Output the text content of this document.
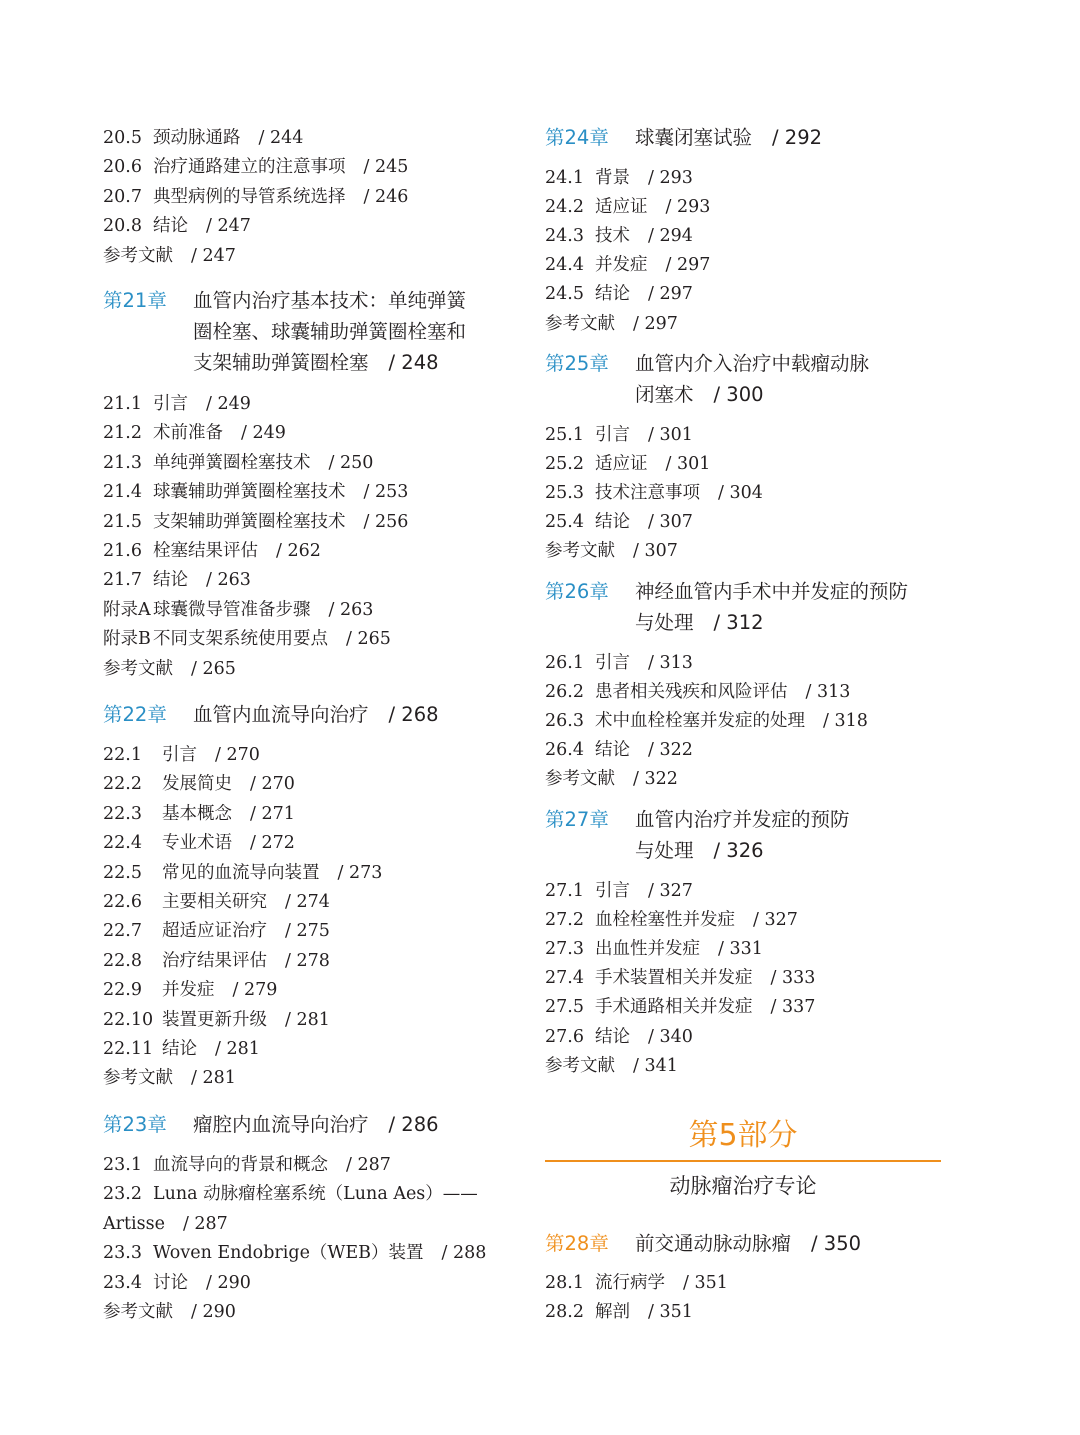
20.5 颈动脉通路 / 244
20.6 治疗通路建立的注意事项 / 245
20.7 典型病例的导管系统选择 / 246
20.8 结论 / 247
参考文献 / 247
第21章 血管内治疗基本技术：单纯弹簧
圈栓塞、球囊辅助弹簧圈栓塞和
支架辅助弹簧圈栓塞 / 248
21.1 引言 / 249
21.2 术前准备 / 249
21.3 单纯弹簧圈栓塞技术 / 250
21.4 球囊辅助弹簧圈栓塞技术 / 253
21.5 支架辅助弹簧圈栓塞技术 / 256
21.6 栓塞结果评估 / 262
21.7 结论 / 263
附录A 球囊微导管准备步骤 / 263
附录B 不同支架系统使用要点 / 265
参考文献 / 265
第22章 血管内血流导向治疗 / 268
22.1 引言 / 270
22.2 发展简史 / 270
22.3 基本概念 / 271
22.4 专业术语 / 272
22.5 常见的血流导向装置 / 273
22.6 主要相关研究 / 274
22.7 超适应证治疗 / 275
22.8 治疗结果评估 / 278
22.9 并发症 / 279
22.10 装置更新升级 / 281
22.11 结论 / 281
参考文献 / 281
第23章 瘤腔内血流导向治疗 / 286
23.1 血流导向的背景和概念 / 287
23.2 Luna 动脉瘤栓塞系统（Luna Aes）——
Artisse / 287
23.3 Woven Endobrige（WEB）装置 / 288
23.4 讨论 / 290
参考文献 / 290
第24章 球囊闭塞试验 / 292
24.1 背景 / 293
24.2 适应证 / 293
24.3 技术 / 294
24.4 并发症 / 297
24.5 结论 / 297
参考文献 / 297
第25章 血管内介入治疗中载瘤动脉
闭塞术 / 300
25.1 引言 / 301
25.2 适应证 / 301
25.3 技术注意事项 / 304
25.4 结论 / 307
参考文献 / 307
第26章 神经血管内手术中并发症的预防
与处理 / 312
26.1 引言 / 313
26.2 患者相关残疾和风险评估 / 313
26.3 术中血栓栓塞并发症的处理 / 318
26.4 结论 / 322
参考文献 / 322
第27章 血管内治疗并发症的预防
与处理 / 326
27.1 引言 / 327
27.2 血栓栓塞性并发症 / 327
27.3 出血性并发症 / 331
27.4 手术装置相关并发症 / 333
27.5 手术通路相关并发症 / 337
27.6 结论 / 340
参考文献 / 341
第28章 前交通动脉动脉瘤 / 350
28.1 流行病学 / 351
28.2 解剖 / 351
第5部分
动脉瘤治疗专论
